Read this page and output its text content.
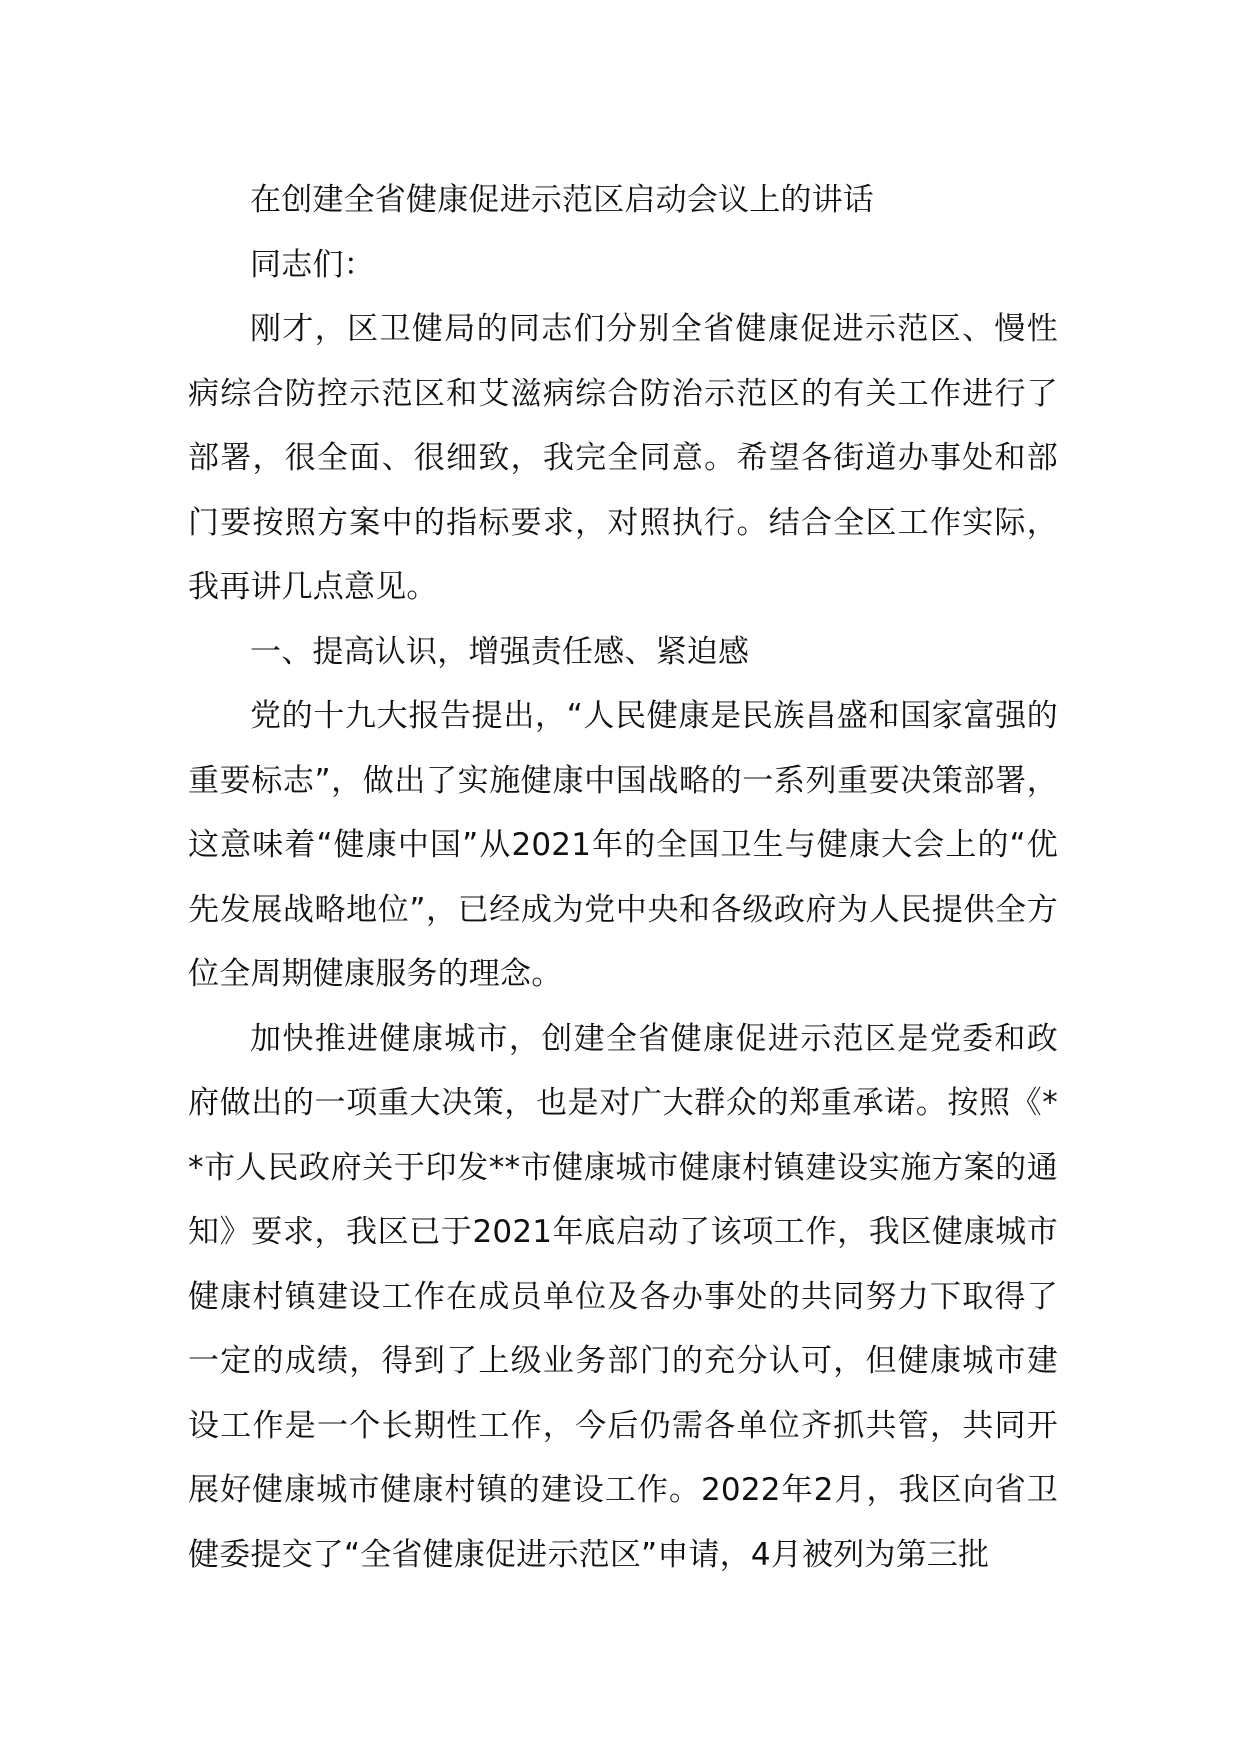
在创建全省健康促进示范区启动会议上的讲话

同志们：

刚才，区卫健局的同志们分别全省健康促进示范区、慢性病综合防控示范区和艾滋病综合防治示范区的有关工作进行了部署，很全面、很细致，我完全同意。希望各街道办事处和部门要按照方案中的指标要求，对照执行。结合全区工作实际，我再讲几点意见。

一、提高认识，增强责任感、紧迫感

党的十九大报告提出，“人民健康是民族昌盛和国家富强的重要标志”，做出了实施健康中国战略的一系列重要决策部署，这意味着“健康中国”从2021年的全国卫生与健康大会上的“优先发展战略地位”，已经成为党中央和各级政府为人民提供全方位全周期健康服务的理念。

加快推进健康城市，创建全省健康促进示范区是党委和政府做出的一项重大决策，也是对广大群众的郑重承诺。按照《**市人民政府关于印发**市健康城市健康村镇建设实施方案的通知》要求，我区已于2021年底启动了该项工作，我区健康城市健康村镇建设工作在成员单位及各办事处的共同努力下取得了一定的成绩，得到了上级业务部门的充分认可，但健康城市建设工作是一个长期性工作，今后仍需各单位齐抓共管，共同开展好健康城市健康村镇的建设工作。2022年2月，我区向省卫健委提交了“全省健康促进示范区”申请，4月被列为第三批
